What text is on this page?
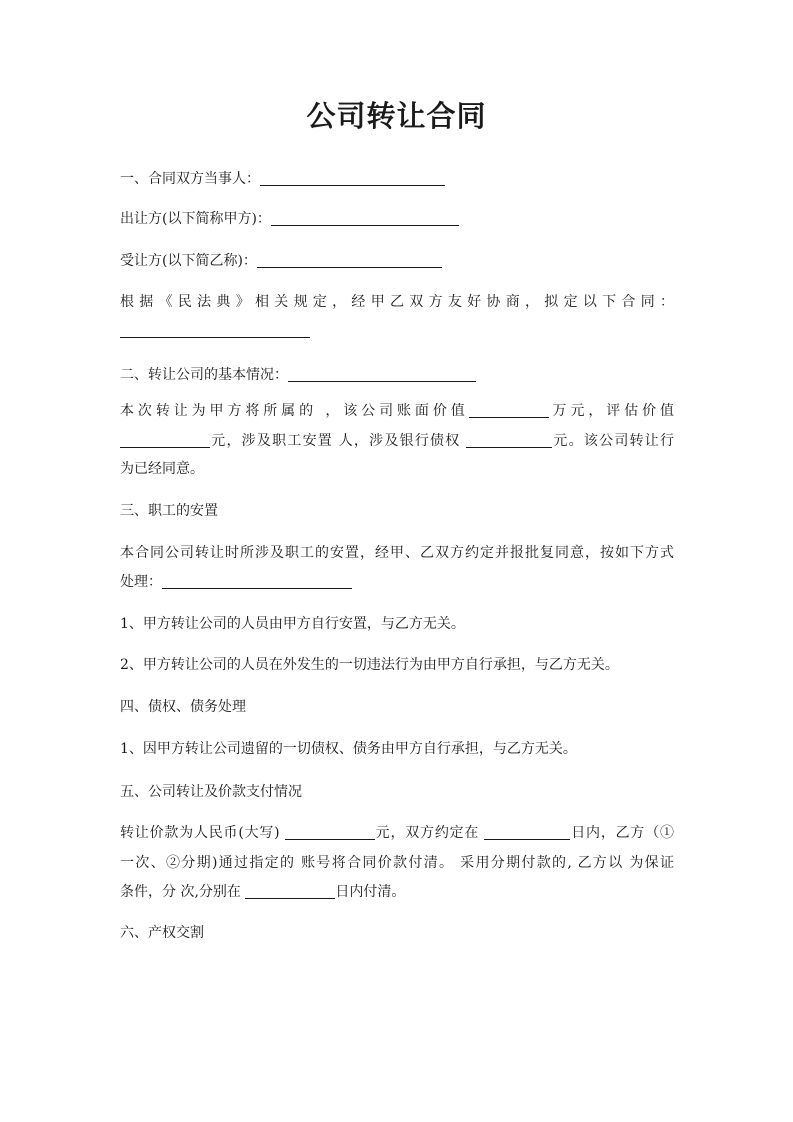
公司转让合同

一、合同双方当事人：

出让方(以下简称甲方)：

受让方(以下简乙称)：

根据《民法典》相关规定，经甲乙双方友好协商，拟定以下合同：

二、转让公司的基本情况：

本次转让为甲方将所属的 ，该公司账面价值	万元，评估价值

元，涉及职工安置 人，涉及银行债权	元。该公司转让行

为已经同意。

三、职工的安置

本合同公司转让时所涉及职工的安置，经甲、乙双方约定并报批复同意，按如下方式

处理：

1、甲方转让公司的人员由甲方自行安置，与乙方无关。

2、甲方转让公司的人员在外发生的一切违法行为由甲方自行承担，与乙方无关。

四、债权、债务处理

1、因甲方转让公司遗留的一切债权、债务由甲方自行承担，与乙方无关。

五、公司转让及价款支付情况

转让价款为人民币(大写)	元，双方约定在	日内，乙方（①

一次、②分期)通过指定的 账号将合同价款付清。 采用分期付款的, 乙方以 为保证

条件，分 次,分别在	日内付清。

六、产权交割
